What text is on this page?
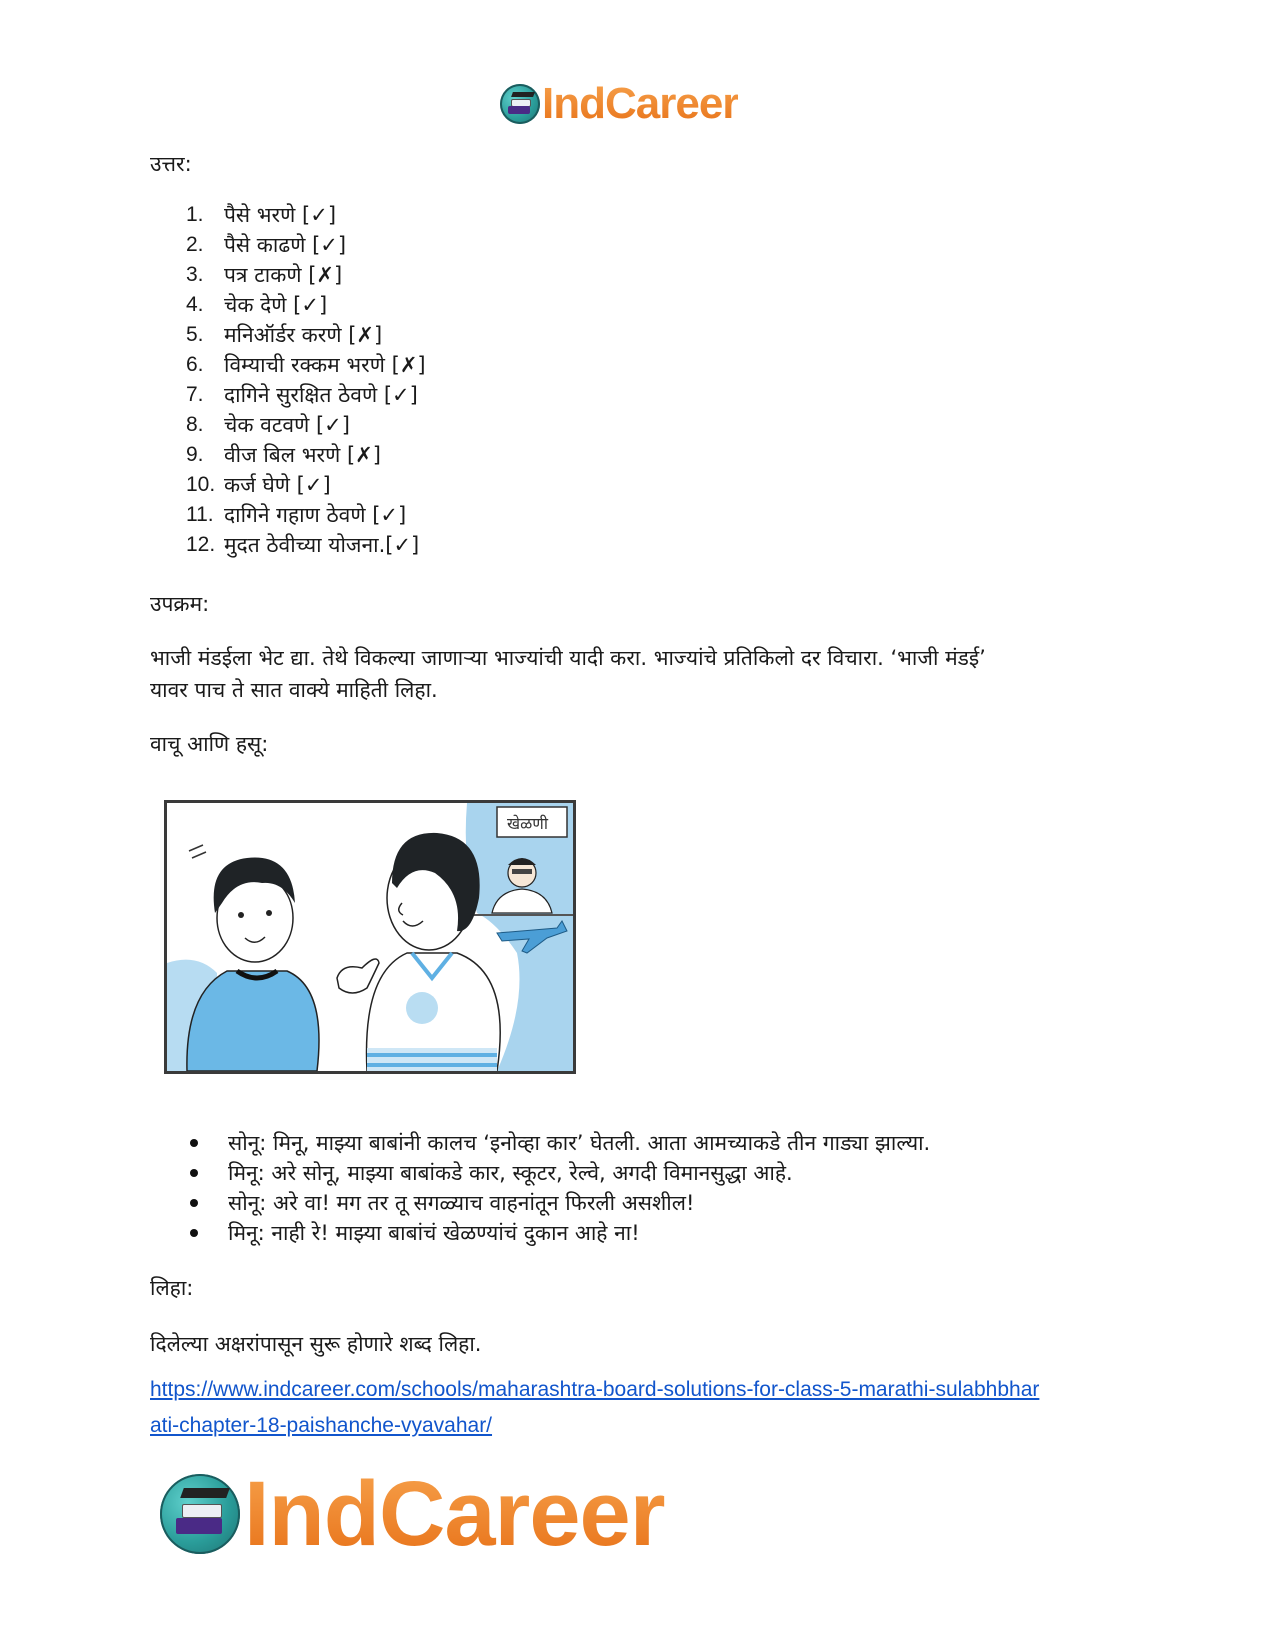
IndCareer
उत्तर:
1. पैसे भरणे
[✓]
2. पैसे काढणे
[✓]
3. पत्र टाकणे
[✗]
4. चेक देणे
[✓]
5. मनिऑर्डर करणे
[✗]
6. विम्याची रक्कम भरणे
[✗]
7. दागिने सुरक्षित ठेवणे
[✓]
8. चेक वटवणे
[✓]
9. वीज बिल भरणे
[✗]
10. कर्ज घेणे
[✓]
11. दागिने गहाण ठेवणे
[✓]
12. मुदत ठेवीच्या योजना. [✓]
उपक्रम:
भाजी मंडईला भेट द्या. तेथे विकल्या जाणाऱ्या भाज्यांची यादी करा. भाज्यांचे प्रतिकिलो दर विचारा. ‘भाजी मंडई’
यावर पाच ते सात वाक्ये माहिती लिहा.
वाचू आणि हसू:
खेळणी
सोनू: मिनू, माझ्या बाबांनी कालच ‘इनोव्हा कार’ घेतली. आता आमच्याकडे तीन गाड्या झाल्या.
मिनू: अरे सोनू, माझ्या बाबांकडे कार, स्कूटर, रेल्वे, अगदी विमानसुद्धा आहे.
सोनू: अरे वा! मग तर तू सगळ्याच वाहनांतून फिरली असशील!
मिनू: नाही रे! माझ्या बाबांचं खेळण्यांचं दुकान आहे ना!
लिहा:
दिलेल्या अक्षरांपासून सुरू होणारे शब्द लिहा.
https://www.indcareer.com/schools/maharashtra-board-solutions-for-class-5-marathi-sulabhbhar
ati-chapter-18-paishanche-vyavahar/
IndCareer
